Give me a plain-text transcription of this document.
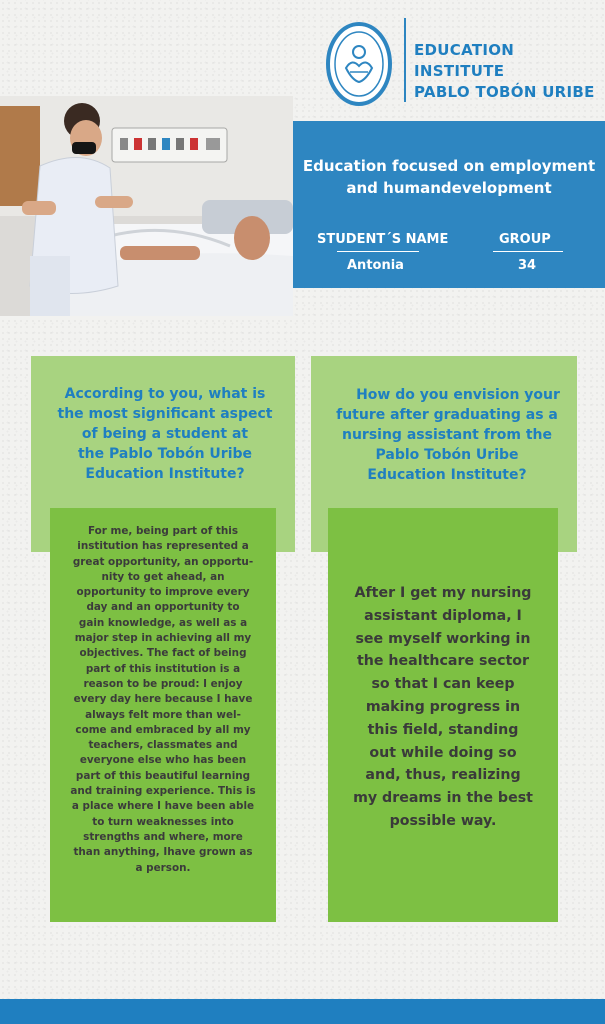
EDUCATION INSTITUTE
PABLO TOBÓN URIBE
Education focused on employment
and humandevelopment
STUDENT´S NAME
Antonia
GROUP
34
According to you, what is
the most significant aspect
of being a student at
the Pablo Tobón Uribe
Education Institute?
How do you envision your
future after graduating as a
nursing assistant from the
Pablo Tobón Uribe
Education Institute?
For me, being part of this
institution has represented a
great opportunity, an opportu-
nity to get ahead, an
opportunity to improve every
day and an opportunity to
gain knowledge, as well as a
major step in achieving all my
objectives. The fact of being
part of this institution is a
reason to be proud: I enjoy
every day here because I have
always felt more than wel-
come and embraced by all my
teachers, classmates and
everyone else who has been
part of this beautiful learning
and training experience. This is
a place where I have been able
to turn weaknesses into
strengths and where, more
than anything, Ihave grown as
a person.
After I get my nursing
assistant diploma, I
see myself working in
the healthcare sector
so that I can keep
making progress in
this field, standing
out while doing so
and, thus, realizing
my dreams in the best
possible way.
